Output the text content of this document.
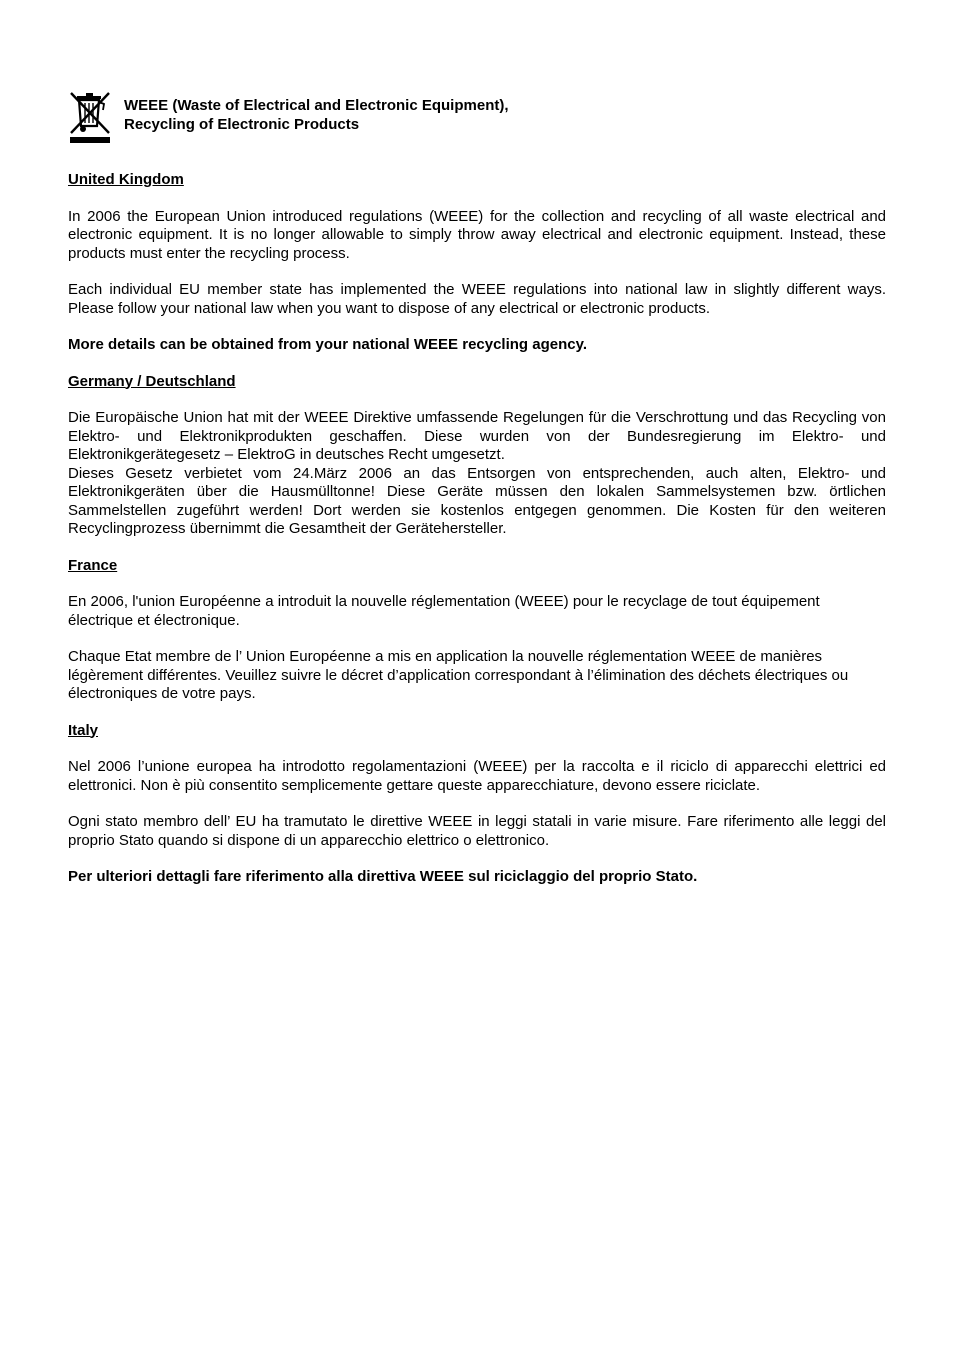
WEEE (Waste of Electrical and Electronic Equipment),
Recycling of Electronic Products
United Kingdom

In 2006 the European Union introduced regulations (WEEE) for the collection and recycling of all waste electrical and electronic equipment. It is no longer allowable to simply throw away electrical and electronic equipment. Instead, these products must enter the recycling process.

Each individual EU member state has implemented the WEEE regulations into national law in slightly different ways. Please follow your national law when you want to dispose of any electrical or electronic products.

More details can be obtained from your national WEEE recycling agency.

Germany / Deutschland

Die Europäische Union hat mit der WEEE Direktive umfassende Regelungen für die Verschrottung und das Recycling von Elektro- und Elektronikprodukten geschaffen. Diese wurden von der Bundesregierung im Elektro- und Elektronikgerätegesetz – ElektroG in deutsches Recht umgesetzt.

Dieses Gesetz verbietet vom 24.März 2006 an das Entsorgen von entsprechenden, auch alten, Elektro- und Elektronikgeräten über die Hausmülltonne! Diese Geräte müssen den lokalen Sammelsystemen bzw. örtlichen Sammelstellen zugeführt werden! Dort werden sie kostenlos entgegen genommen. Die Kosten für den weiteren Recyclingprozess übernimmt die Gesamtheit der Gerätehersteller.

France

En 2006, l'union Européenne a introduit la nouvelle réglementation (WEEE) pour le recyclage de tout équipement électrique et électronique.

Chaque Etat membre de l’ Union Européenne a mis en application la nouvelle réglementation WEEE de manières légèrement différentes. Veuillez suivre le décret d’application correspondant à l’élimination des déchets électriques ou électroniques de votre pays.

Italy

Nel 2006 l’unione europea ha introdotto regolamentazioni (WEEE) per la raccolta e il riciclo di apparecchi elettrici ed elettronici. Non è più consentito semplicemente gettare queste apparecchiature, devono essere riciclate.

Ogni stato membro dell’ EU ha tramutato le direttive WEEE in leggi statali in varie misure. Fare riferimento alle leggi del proprio Stato quando si dispone di un apparecchio elettrico o elettronico.

Per ulteriori dettagli fare riferimento alla direttiva WEEE sul riciclaggio del proprio Stato.
